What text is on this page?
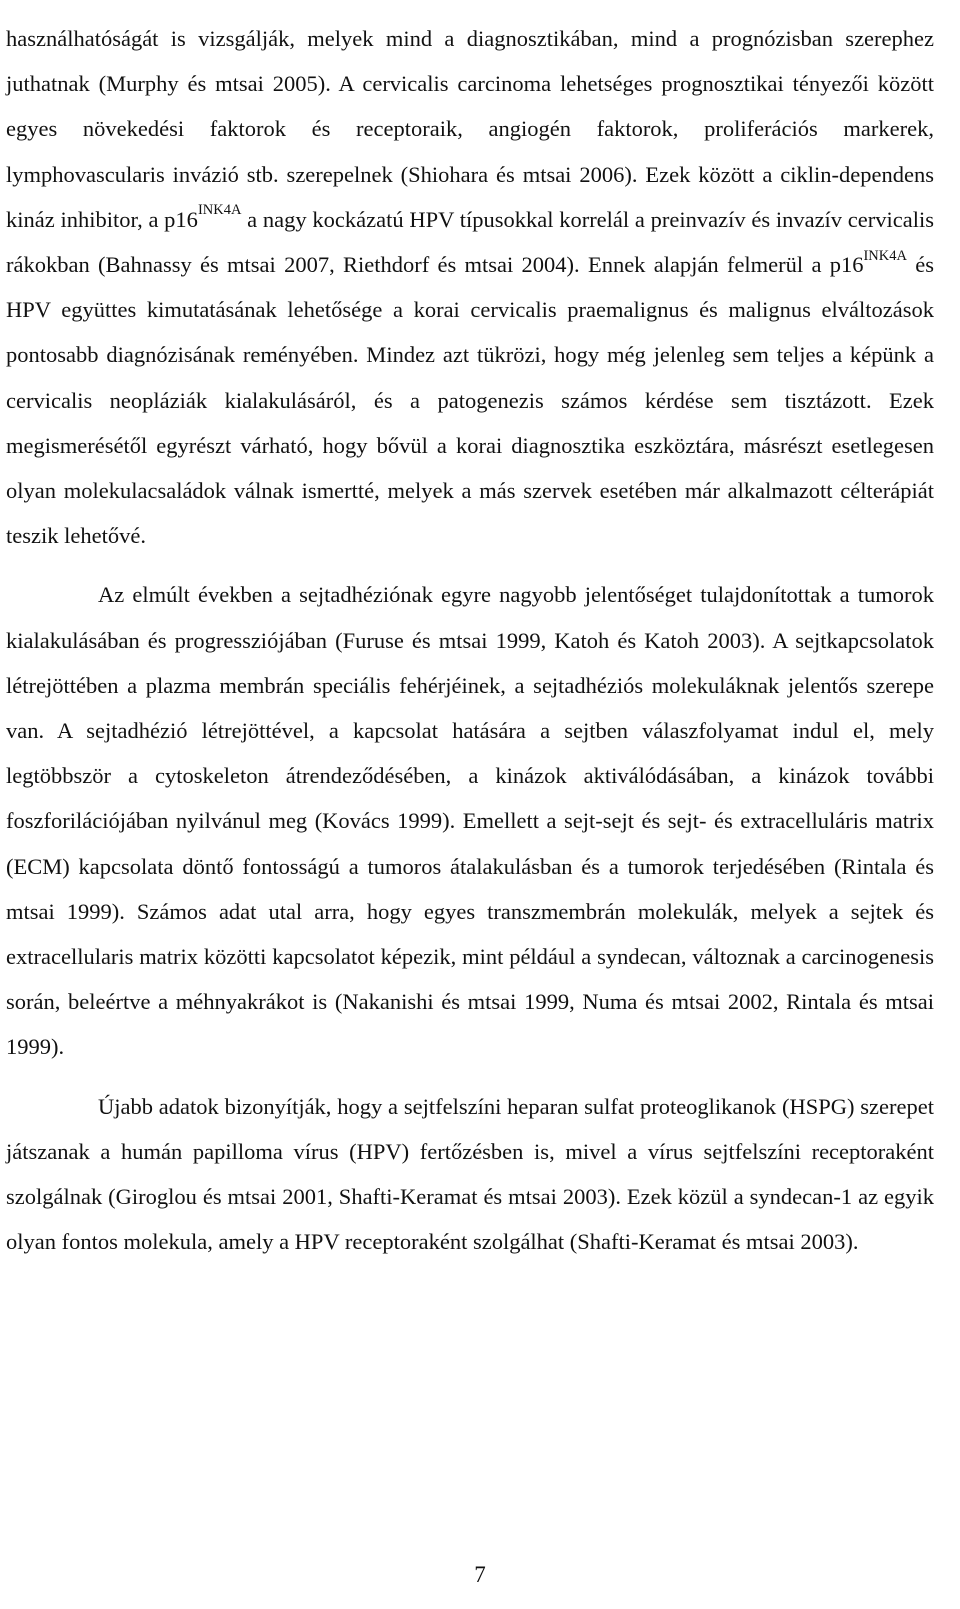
használhatóságát is vizsgálják, melyek mind a diagnosztikában, mind a prognózisban szerephez juthatnak (Murphy és mtsai 2005). A cervicalis carcinoma lehetséges prognosztikai tényezői között egyes növekedési faktorok és receptoraik, angiogén faktorok, proliferációs markerek, lymphovascularis invázió stb. szerepelnek (Shiohara és mtsai 2006). Ezek között a ciklin-dependens kináz inhibitor, a $p16^{INK4A}$ a nagy kockázatú HPV típusokkal korrelál a preinvazív és invazív cervicalis rákokban (Bahnassy és mtsai 2007, Riethdorf és mtsai 2004). Ennek alapján felmerül a $p16^{INK4A}$ és HPV együttes kimutatásának lehetősége a korai cervicalis praemalignus és malignus elváltozások pontosabb diagnózisának reményében. Mindez azt tükrözi, hogy még jelenleg sem teljes a képünk a cervicalis neopláziák kialakulásáról, és a patogenezis számos kérdése sem tisztázott. Ezek megismerésétől egyrészt várható, hogy bővül a korai diagnosztika eszköztára, másrészt esetlegesen olyan molekulacsaládok válnak ismertté, melyek a más szervek esetében már alkalmazott célterápiát teszik lehetővé.

Az elmúlt években a sejtadhéziónak egyre nagyobb jelentőséget tulajdonítottak a tumorok kialakulásában és progressziójában (Furuse és mtsai 1999, Katoh és Katoh 2003). A sejtkapcsolatok létrejöttében a plazma membrán speciális fehérjéinek, a sejtadhéziós molekuláknak jelentős szerepe van. A sejtadhézió létrejöttével, a kapcsolat hatására a sejtben válaszfolyamat indul el, mely legtöbbször a cytoskeleton átrendeződésében, a kinázok aktiválódásában, a kinázok további foszforilációjában nyilvánul meg (Kovács 1999). Emellett a sejt-sejt és sejt- és extracelluláris matrix (ECM) kapcsolata döntő fontosságú a tumoros átalakulásban és a tumorok terjedésében (Rintala és mtsai 1999). Számos adat utal arra, hogy egyes transzmembrán molekulák, melyek a sejtek és extracellularis matrix közötti kapcsolatot képezik, mint például a syndecan, változnak a carcinogenesis során, beleértve a méhnyakrákot is (Nakanishi és mtsai 1999, Numa és mtsai 2002, Rintala és mtsai 1999).

Újabb adatok bizonyítják, hogy a sejtfelszíni heparan sulfat proteoglikanok (HSPG) szerepet játszanak a humán papilloma vírus (HPV) fertőzésben is, mivel a vírus sejtfelszíni receptoraként szolgálnak (Giroglou és mtsai 2001, Shafti-Keramat és mtsai 2003). Ezek közül a syndecan-1 az egyik olyan fontos molekula, amely a HPV receptoraként szolgálhat (Shafti-Keramat és mtsai 2003).

7
